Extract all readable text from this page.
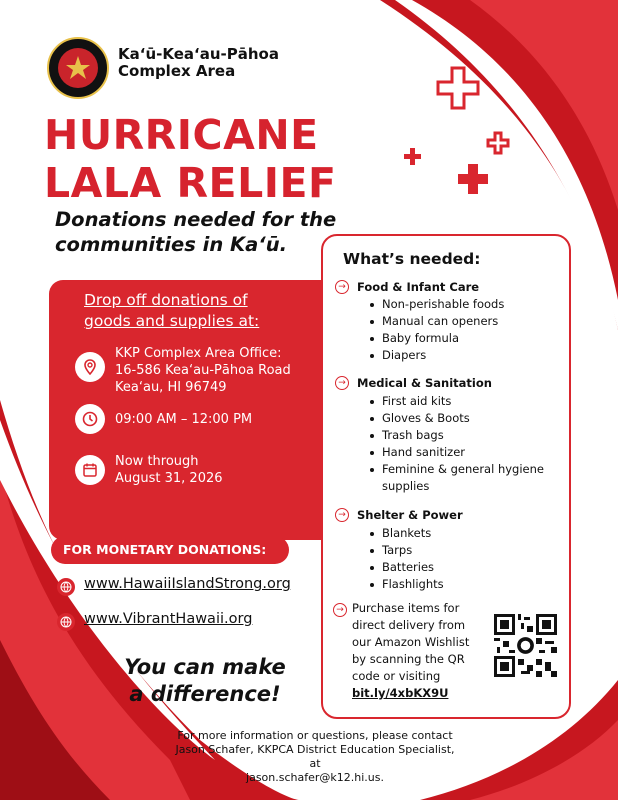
Ka‘ū-Kea‘au-Pāhoa
Complex Area
HURRICANE
LALA RELIEF
Donations needed for the
communities in Ka‘ū.
Drop off donations of
goods and supplies at:
KKP Complex Area Office:
16-586 Kea‘au-Pāhoa Road
Kea‘au, HI 96749
09:00 AM – 12:00 PM
Now through
August 31, 2026
FOR MONETARY DONATIONS:
www.HawaiiIslandStrong.org
www.VibrantHawaii.org
You can make
a difference!
What’s needed:
→ Food & Infant Care
Non-perishable foods
Manual can openers
Baby formula
Diapers
→ Medical & Sanitation
First aid kits
Gloves & Boots
Trash bags
Hand sanitizer
Feminine & general hygiene
supplies
→ Shelter & Power
Blankets
Tarps
Batteries
Flashlights
→ Purchase items for
direct delivery from
our Amazon Wishlist
by scanning the QR
code or visiting
bit.ly/4xbKX9U
For more information or questions, please contact
Jason Schafer, KKPCA District Education Specialist, at
jason.schafer@k12.hi.us.
